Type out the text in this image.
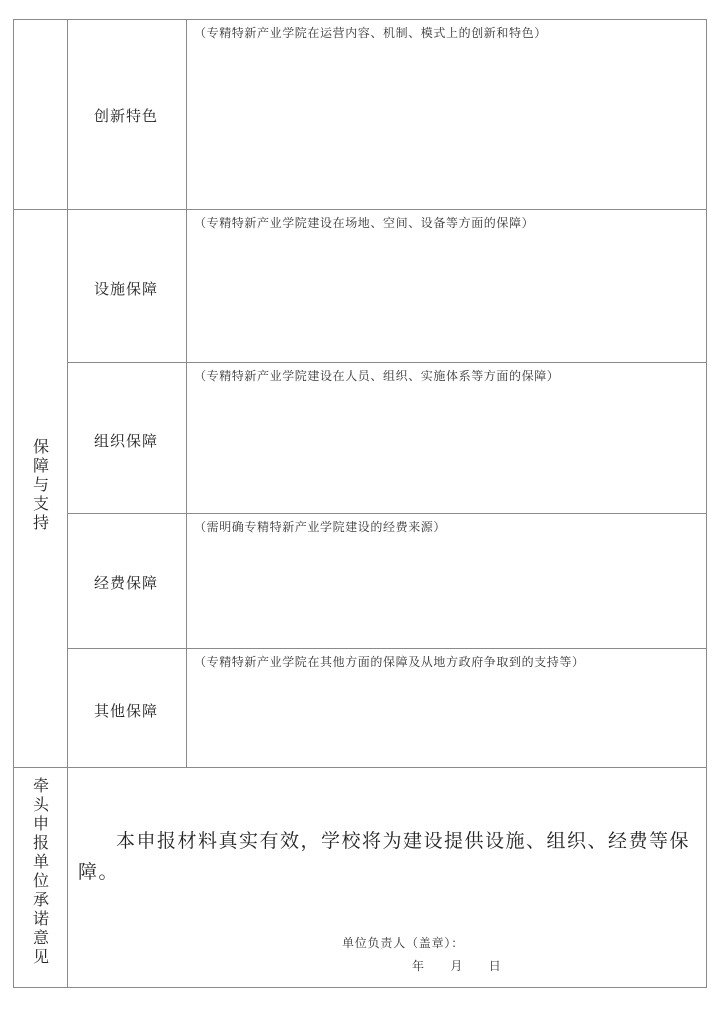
创新特色
（专精特新产业学院在运营内容、机制、模式上的创新和特色）
保障与支持
设施保障
（专精特新产业学院建设在场地、空间、设备等方面的保障）
组织保障
（专精特新产业学院建设在人员、组织、实施体系等方面的保障）
经费保障
（需明确专精特新产业学院建设的经费来源）
其他保障
（专精特新产业学院在其他方面的保障及从地方政府争取到的支持等）
牵头申报单位承诺意见
本申报材料真实有效，学校将为建设提供设施、组织、经费等保障。
单位负责人（盖章）：
年　　月　　日
